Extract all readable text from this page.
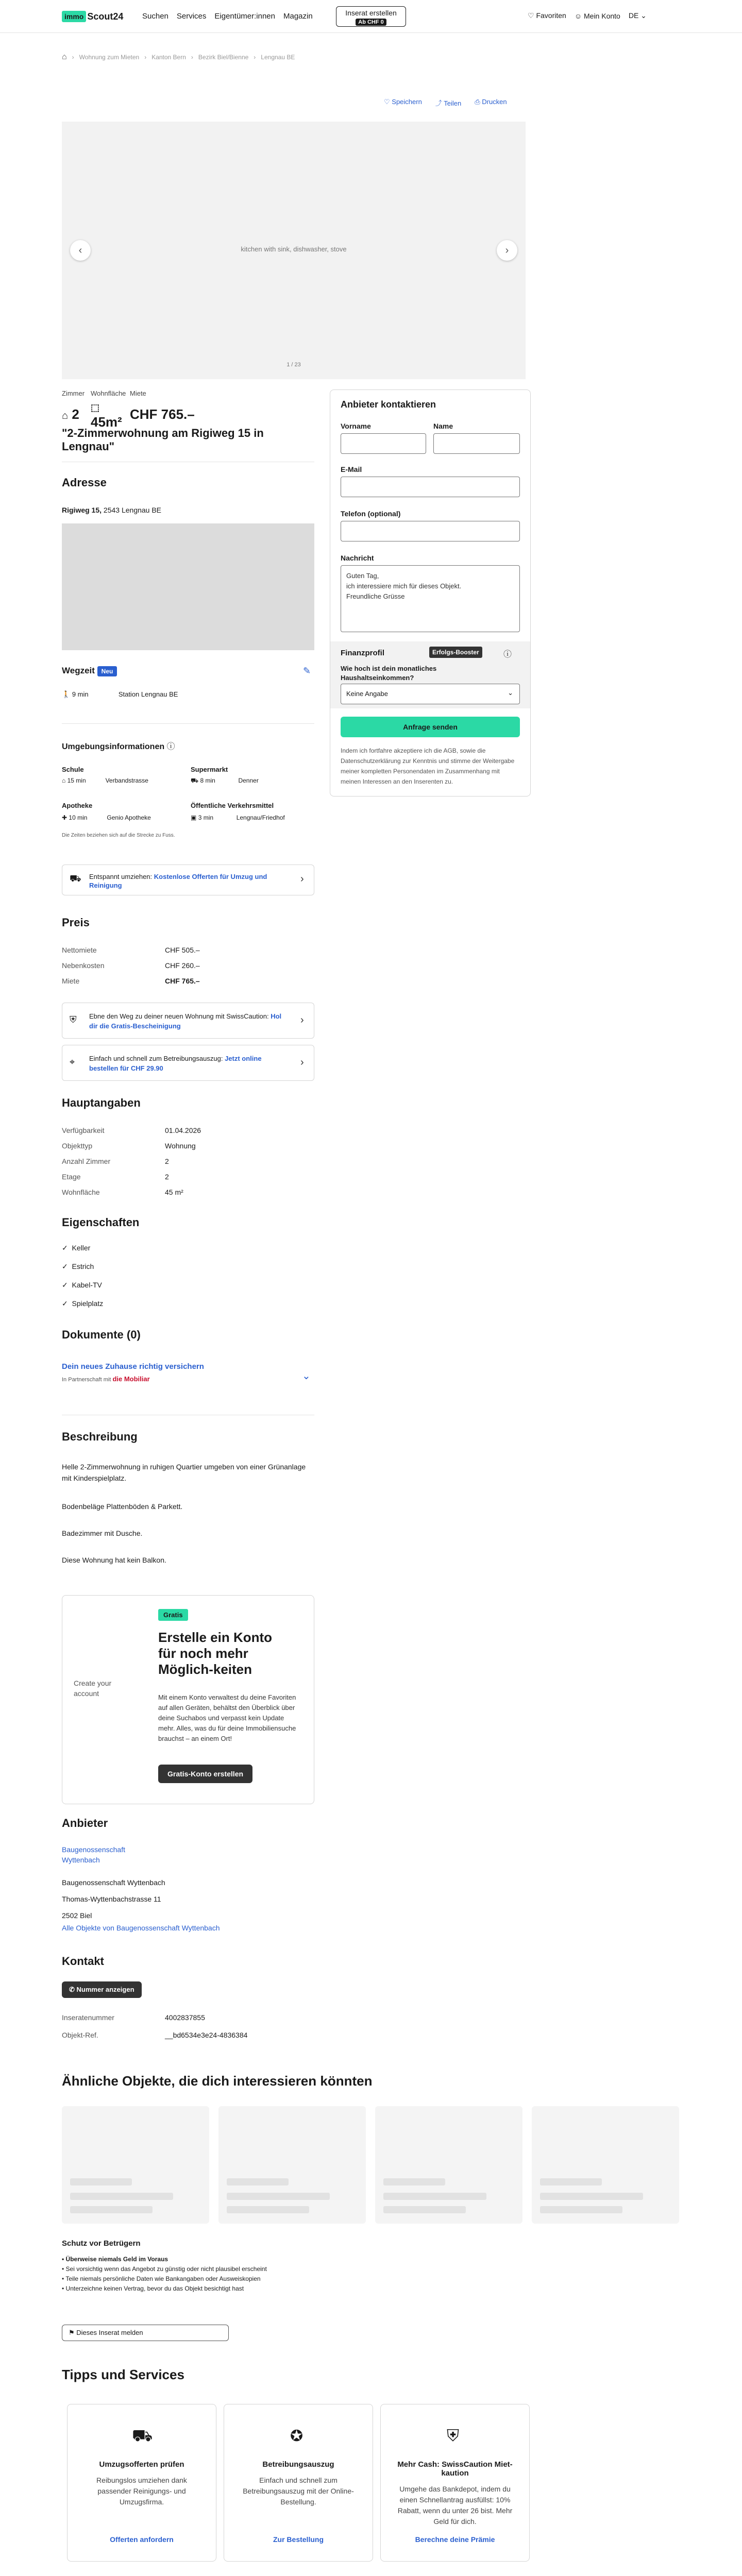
immo Scout24 Suchen Services Eigentümer:innen Magazin	Inserat erstellen
Ab CHF 0
♡ Favoriten ☺ Mein Konto DE ⌄
⌂ › Wohnung zum Mieten › Kanton Bern › Bezirk Biel/Bienne › Lengnau BE
♡ Speichern ⤴ Teilen ⎙ Drucken
kitchen with sink, dishwasher, stove
‹	›
1 / 23
Zimmer Wohnfläche Miete
⌂ 2	⬚ 45m²
CHF 765.–
"2-Zimmerwohnung am Rigiweg 15 in Lengnau"
Adresse
Rigiweg 15, 2543 Lengnau BE
Wegzeit Neu	✎
🚶 9 min	Station Lengnau BE
Umgebungsinformationen ⓘ
Schule
⌂ 15 min	Verbandstrasse
Supermarkt
⛟ 8 min	Denner
Apotheke
✚ 10 min	Genio Apotheke
Öffentliche Verkehrsmittel
▣ 3 min	Lengnau/Friedhof
Die Zeiten beziehen sich auf die Strecke zu Fuss.
⛟ Entspannt umziehen: Kostenlose Offerten für Umzug und Reinigung
›
Preis
Nettomiete	CHF 505.–
Nebenkosten	CHF 260.–
Miete	CHF 765.–
⛨ Ebne den Weg zu deiner neuen Wohnung mit SwissCaution: Hol dir die Gratis-Bescheinigung
›
⌖ Einfach und schnell zum Betreibungsauszug: Jetzt online bestellen für CHF 29.90
›
Hauptangaben
Verfügbarkeit	01.04.2026
Objekttyp	Wohnung
Anzahl Zimmer	2
Etage	2
Wohnfläche	45 m²
Eigenschaften
✓ Keller
✓ Estrich
✓ Kabel-TV
✓ Spielplatz
Dokumente (0)
Dein neues Zuhause richtig versichern
In Partnerschaft mit die Mobiliar	⌄
Beschreibung
Helle 2-Zimmerwohnung in ruhigen Quartier umgeben von einer Grünanlage mit Kinderspielplatz.
Bodenbeläge Plattenböden & Parkett.
Badezimmer mit Dusche.
Diese Wohnung hat kein Balkon.
Create your account
Gratis
Erstelle ein Konto für noch mehr Möglich-keiten
Mit einem Konto verwaltest du deine Favoriten auf allen Geräten, behältst den Überblick über deine Suchabos und verpasst kein Update mehr. Alles, was du für deine Immobiliensuche brauchst – an einem Ort!
Gratis-Konto erstellen
Anbieter
Baugenossenschaft Wyttenbach
Baugenossenschaft Wyttenbach
Thomas-Wyttenbachstrasse 11
2502 Biel
Alle Objekte von Baugenossenschaft Wyttenbach
Kontakt
✆ Nummer anzeigen
Inseratenummer	4002837855
Objekt-Ref.	__bd6534e3e24-4836384
Anbieter kontaktieren
Vorname	Name
E-Mail
Telefon (optional)
Nachricht
Guten Tag,
ich interessiere mich für dieses Objekt.
Freundliche Grüsse
Finanzprofil	Erfolgs-Booster	ⓘ
Wie hoch ist dein monatliches Haushaltseinkommen?
Keine Angabe	⌄
Anfrage senden
Indem ich fortfahre akzeptiere ich die AGB, sowie die Datenschutzerklärung zur Kenntnis und stimme der Weitergabe meiner kompletten Personendaten im Zusammenhang mit meinen Interessen an den Inserenten zu.
Ähnliche Objekte, die dich interessieren könnten
Schutz vor Betrügern
• Überweise niemals Geld im Voraus
• Sei vorsichtig wenn das Angebot zu günstig oder nicht plausibel erscheint
• Teile niemals persönliche Daten wie Bankangaben oder Ausweiskopien
• Unterzeichne keinen Vertrag, bevor du das Objekt besichtigt hast
⚑ Dieses Inserat melden
Tipps und Services
⛟
Umzugsofferten prüfen
Reibungslos umziehen dank passender Reinigungs- und Umzugsfirma.
Offerten anfordern
✪
Betreibungsauszug
Einfach und schnell zum Betreibungsauszug mit der Online-Bestellung.
Zur Bestellung
⛨
Mehr Cash: SwissCaution Miet-kaution
Umgehe das Bankdepot, indem du einen Schnellantrag ausfüllst: 10% Rabatt, wenn du unter 26 bist. Mehr Geld für dich.
Berechne deine Prämie
